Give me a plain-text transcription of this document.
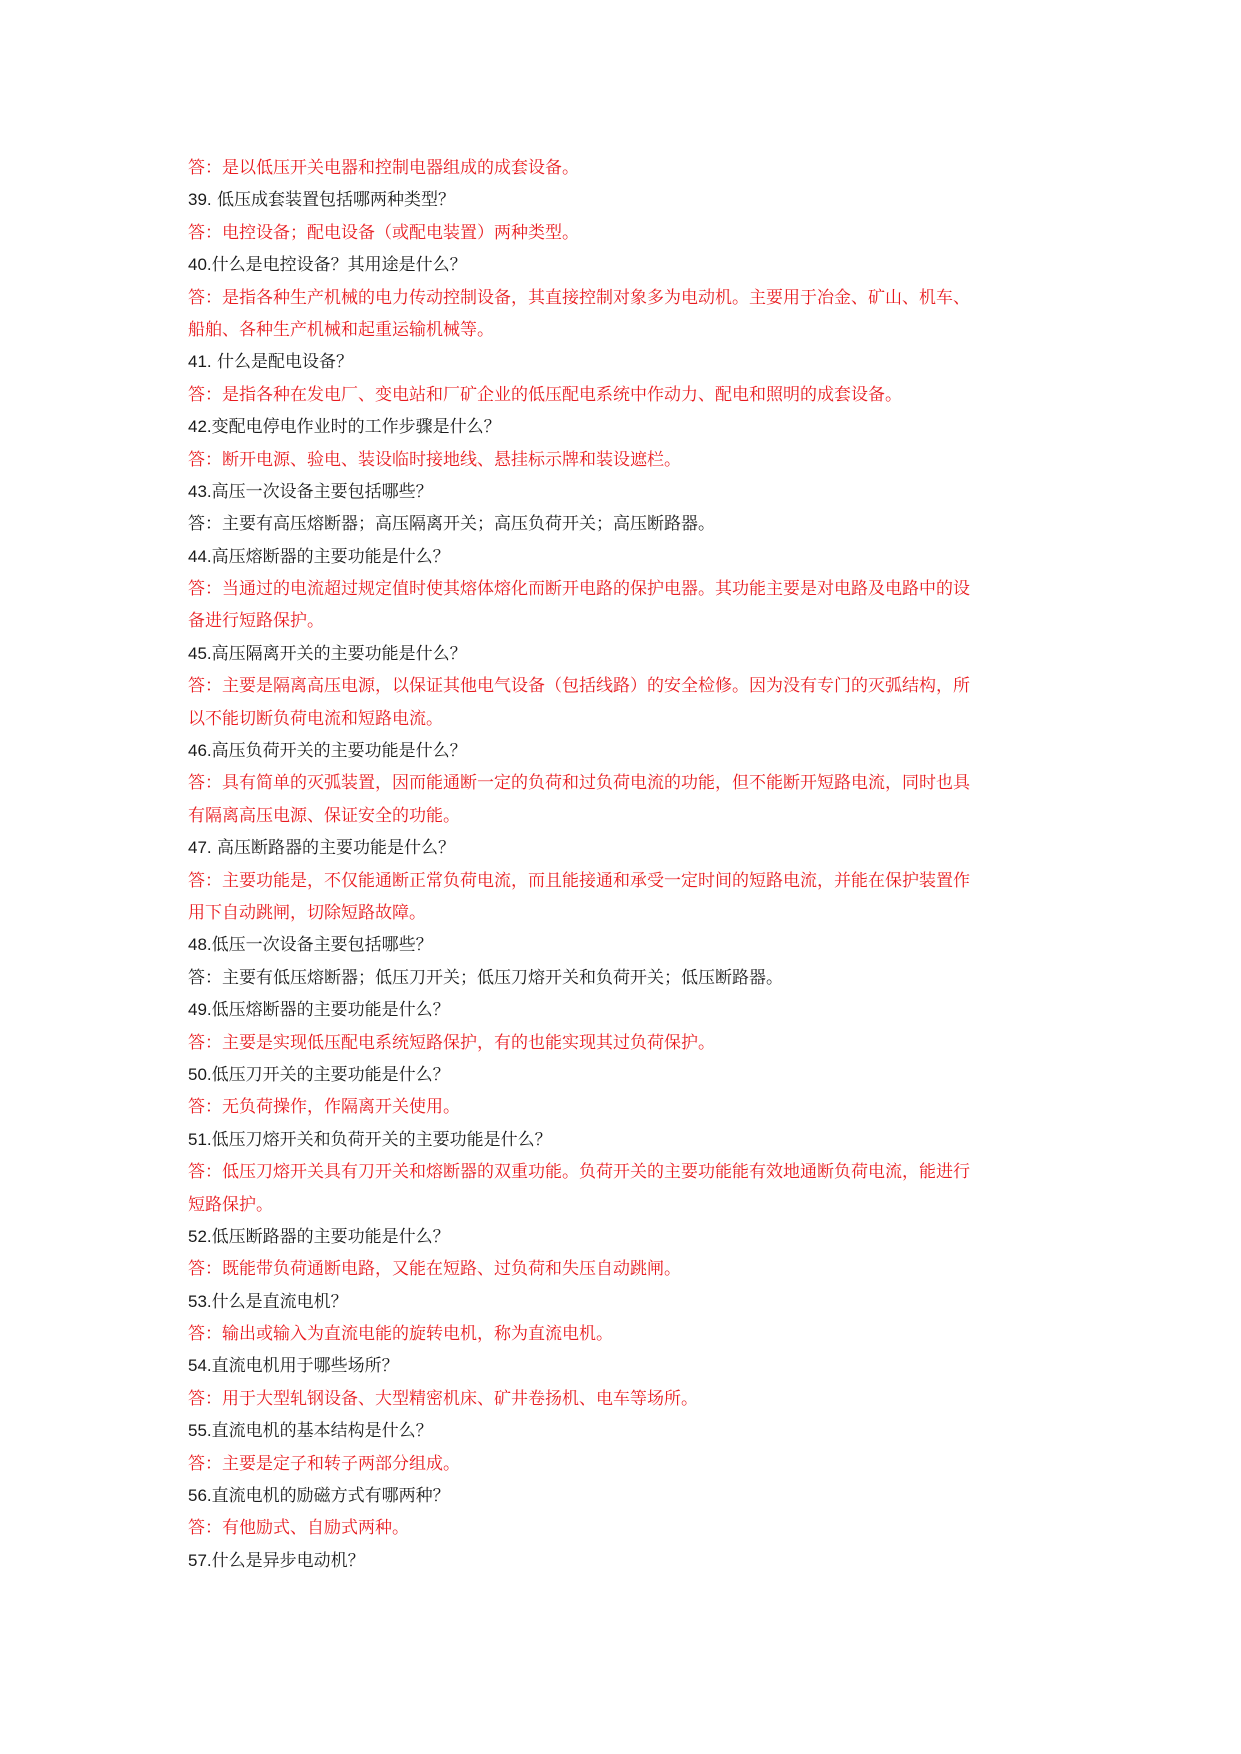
答：是以低压开关电器和控制电器组成的成套设备。
39. 低压成套装置包括哪两种类型？
答：电控设备；配电设备（或配电装置）两种类型。
40.什么是电控设备？其用途是什么？
答：是指各种生产机械的电力传动控制设备，其直接控制对象多为电动机。主要用于冶金、矿山、机车、
船舶、各种生产机械和起重运输机械等。
41. 什么是配电设备？
答：是指各种在发电厂、变电站和厂矿企业的低压配电系统中作动力、配电和照明的成套设备。
42.变配电停电作业时的工作步骤是什么？
答：断开电源、验电、装设临时接地线、悬挂标示牌和装设遮栏。
43.高压一次设备主要包括哪些？
答：主要有高压熔断器；高压隔离开关；高压负荷开关；高压断路器。
44.高压熔断器的主要功能是什么？
答：当通过的电流超过规定值时使其熔体熔化而断开电路的保护电器。其功能主要是对电路及电路中的设
备进行短路保护。
45.高压隔离开关的主要功能是什么？
答：主要是隔离高压电源，以保证其他电气设备（包括线路）的安全检修。因为没有专门的灭弧结构，所
以不能切断负荷电流和短路电流。
46.高压负荷开关的主要功能是什么？
答：具有简单的灭弧装置，因而能通断一定的负荷和过负荷电流的功能，但不能断开短路电流，同时也具
有隔离高压电源、保证安全的功能。
47. 高压断路器的主要功能是什么？
答：主要功能是，不仅能通断正常负荷电流，而且能接通和承受一定时间的短路电流，并能在保护装置作
用下自动跳闸，切除短路故障。
48.低压一次设备主要包括哪些？
答：主要有低压熔断器；低压刀开关；低压刀熔开关和负荷开关；低压断路器。
49.低压熔断器的主要功能是什么？
答：主要是实现低压配电系统短路保护，有的也能实现其过负荷保护。
50.低压刀开关的主要功能是什么？
答：无负荷操作，作隔离开关使用。
51.低压刀熔开关和负荷开关的主要功能是什么？
答：低压刀熔开关具有刀开关和熔断器的双重功能。负荷开关的主要功能能有效地通断负荷电流，能进行
短路保护。
52.低压断路器的主要功能是什么？
答：既能带负荷通断电路，又能在短路、过负荷和失压自动跳闸。
53.什么是直流电机？
答：输出或输入为直流电能的旋转电机，称为直流电机。
54.直流电机用于哪些场所？
答：用于大型轧钢设备、大型精密机床、矿井卷扬机、电车等场所。
55.直流电机的基本结构是什么？
答：主要是定子和转子两部分组成。
56.直流电机的励磁方式有哪两种？
答：有他励式、自励式两种。
57.什么是异步电动机？
